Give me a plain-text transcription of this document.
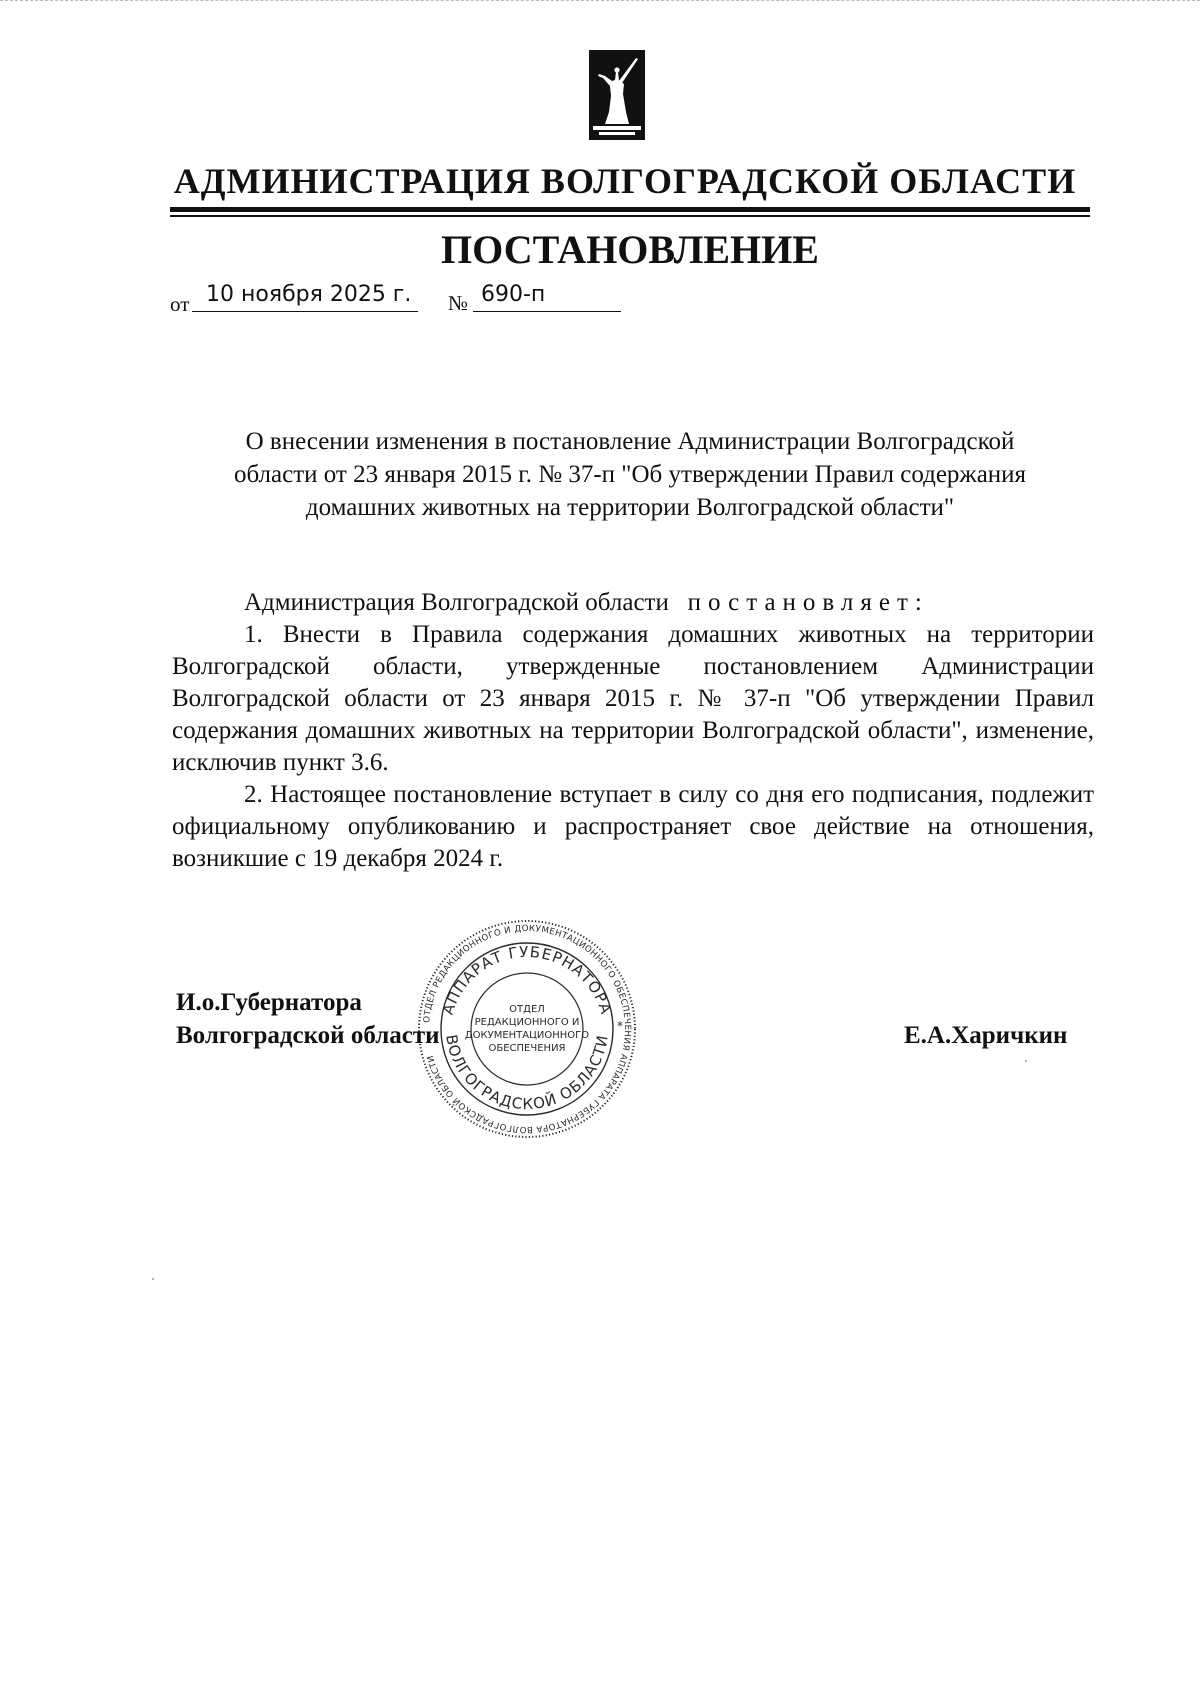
АДМИНИСТРАЦИЯ ВОЛГОГРАДСКОЙ ОБЛАСТИ
ПОСТАНОВЛЕНИЕ
от 10 ноября 2025 г.	№ 690-п
О внесении изменения в постановление Администрации Волгоградской
области от 23 января 2015 г. № 37-п "Об утверждении Правил содержания
домашних животных на территории Волгоградской области"
Администрация Волгоградской области постановляет:

1. Внести в Правила содержания домашних животных на территории Волгоградской области, утвержденные постановлением Администрации Волгоградской области от 23 января 2015 г. № 37-п "Об утверждении Правил содержания домашних животных на территории Волгоградской области", изменение, исключив пункт 3.6.

2. Настоящее постановление вступает в силу со дня его подписания, подлежит официальному опубликованию и распространяет свое действие на отношения, возникшие с 19 декабря 2024 г.

ОТДЕЛ РЕДАКЦИОННОГО И ДОКУМЕНТАЦИОННОГО ОБЕСПЕЧЕНИЯ АППАРАТА ГУБЕРНАТОРА ВОЛГОГРАДСКОЙ ОБЛАСТИ
АППАРАТ ГУБЕРНАТОРА
ВОЛГОГРАДСКОЙ ОБЛАСТИ
ОТДЕЛ
РЕДАКЦИОННОГО И
ДОКУМЕНТАЦИОННОГО
ОБЕСПЕЧЕНИЯ
*
И.о.Губернатора
Волгоградской области	Е.А.Харичкин
